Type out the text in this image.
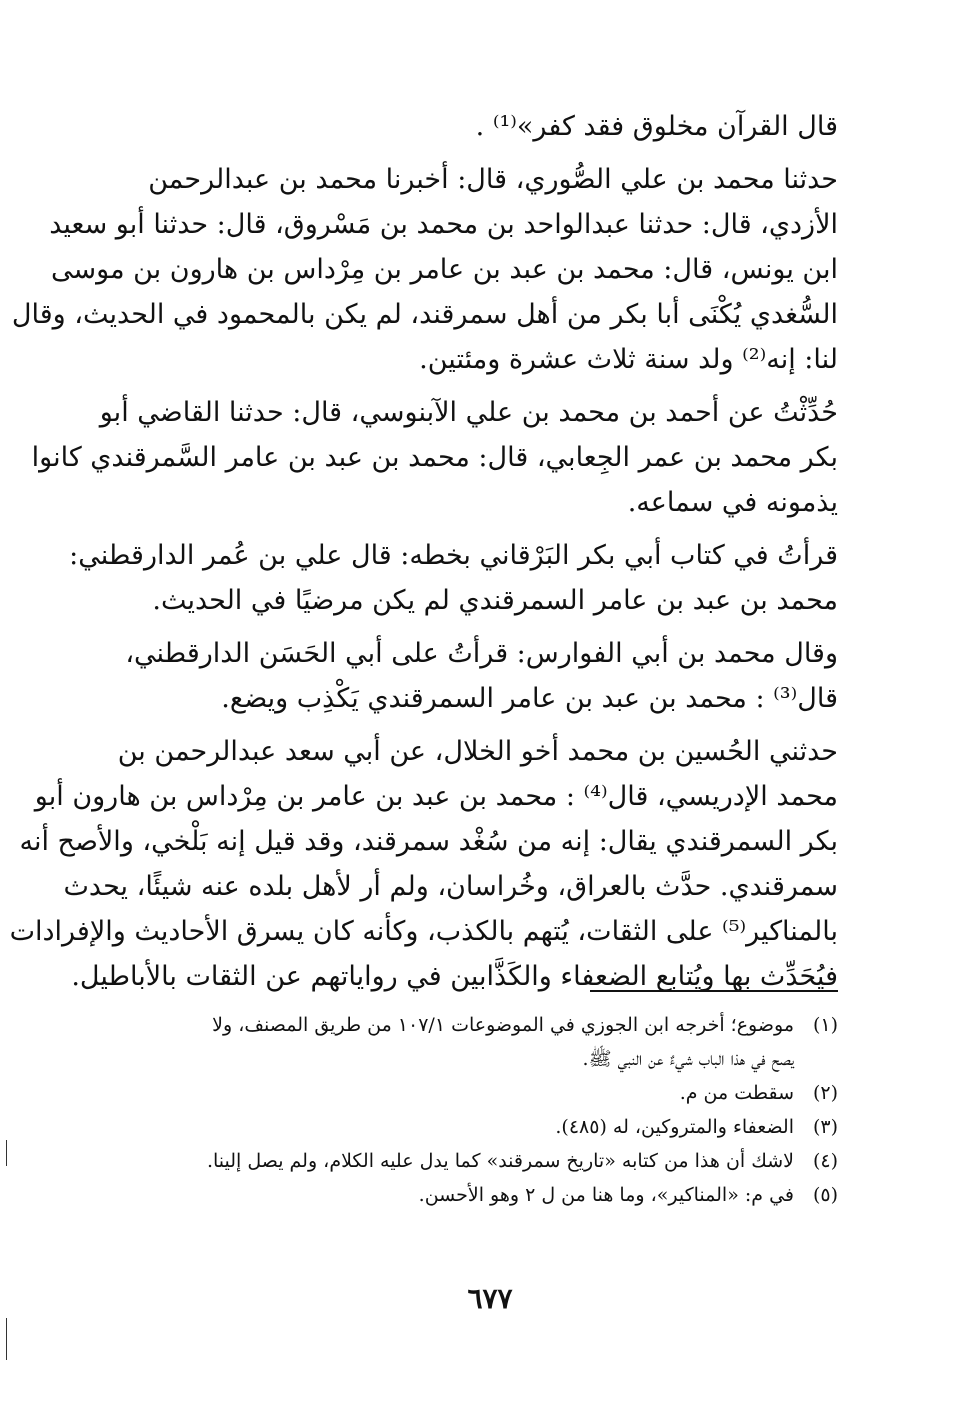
قال القرآن مخلوق فقد كفر»⁽¹⁾ .
حدثنا محمد بن علي الصُّوري، قال: أخبرنا محمد بن عبدالرحمن
الأزدي، قال: حدثنا عبدالواحد بن محمد بن مَسْروق، قال: حدثنا أبو سعيد
ابن يونس، قال: محمد بن عبد بن عامر بن مِرْداس بن هارون بن موسى
السُّغدي يُكْنَى أبا بكر من أهل سمرقند، لم يكن بالمحمود في الحديث، وقال
لنا: إنه⁽²⁾ ولد سنة ثلاث عشرة ومئتين.
حُدِّثْتُ عن أحمد بن محمد بن علي الآبنوسي، قال: حدثنا القاضي أبو
بكر محمد بن عمر الجِعابي، قال: محمد بن عبد بن عامر السَّمرقندي كانوا
يذمونه في سماعه.
قرأتُ في كتاب أبي بكر البَرْقاني بخطه: قال علي بن عُمر الدارقطني:
محمد بن عبد بن عامر السمرقندي لم يكن مرضيًا في الحديث.
وقال محمد بن أبي الفوارس: قرأتُ على أبي الحَسَن الدارقطني،
قال⁽³⁾ : محمد بن عبد بن عامر السمرقندي يَكْذِب ويضع.
حدثني الحُسين بن محمد أخو الخلال، عن أبي سعد عبدالرحمن بن
محمد الإدريسي، قال⁽⁴⁾ : محمد بن عبد بن عامر بن مِرْداس بن هارون أبو
بكر السمرقندي يقال: إنه من سُغْد سمرقند، وقد قيل إنه بَلْخي، والأصح أنه
سمرقندي. حدَّث بالعراق، وخُراسان، ولم أر لأهل بلده عنه شيئًا، يحدث
بالمناكير⁽⁵⁾ على الثقات، يُتهم بالكذب، وكأنه كان يسرق الأحاديث والإفرادات
فيُحَدِّث بها ويُتابع الضعفاء والكَذَّابين في رواياتهم عن الثقات بالأباطيل.
(١)موضوع؛ أخرجه ابن الجوزي في الموضوعات ١٠٧/١ من طريق المصنف، ولا
يصح في هذا الباب شيءٌ عن النبي ﷺ.
(٢)سقطت من م.
(٣)الضعفاء والمتروكين، له (٤٨٥).
(٤)لاشك أن هذا من كتابه «تاريخ سمرقند» كما يدل عليه الكلام، ولم يصل إلينا.
(٥)في م: «المناكير»، وما هنا من ل ٢ وهو الأحسن.
٦٧٧
